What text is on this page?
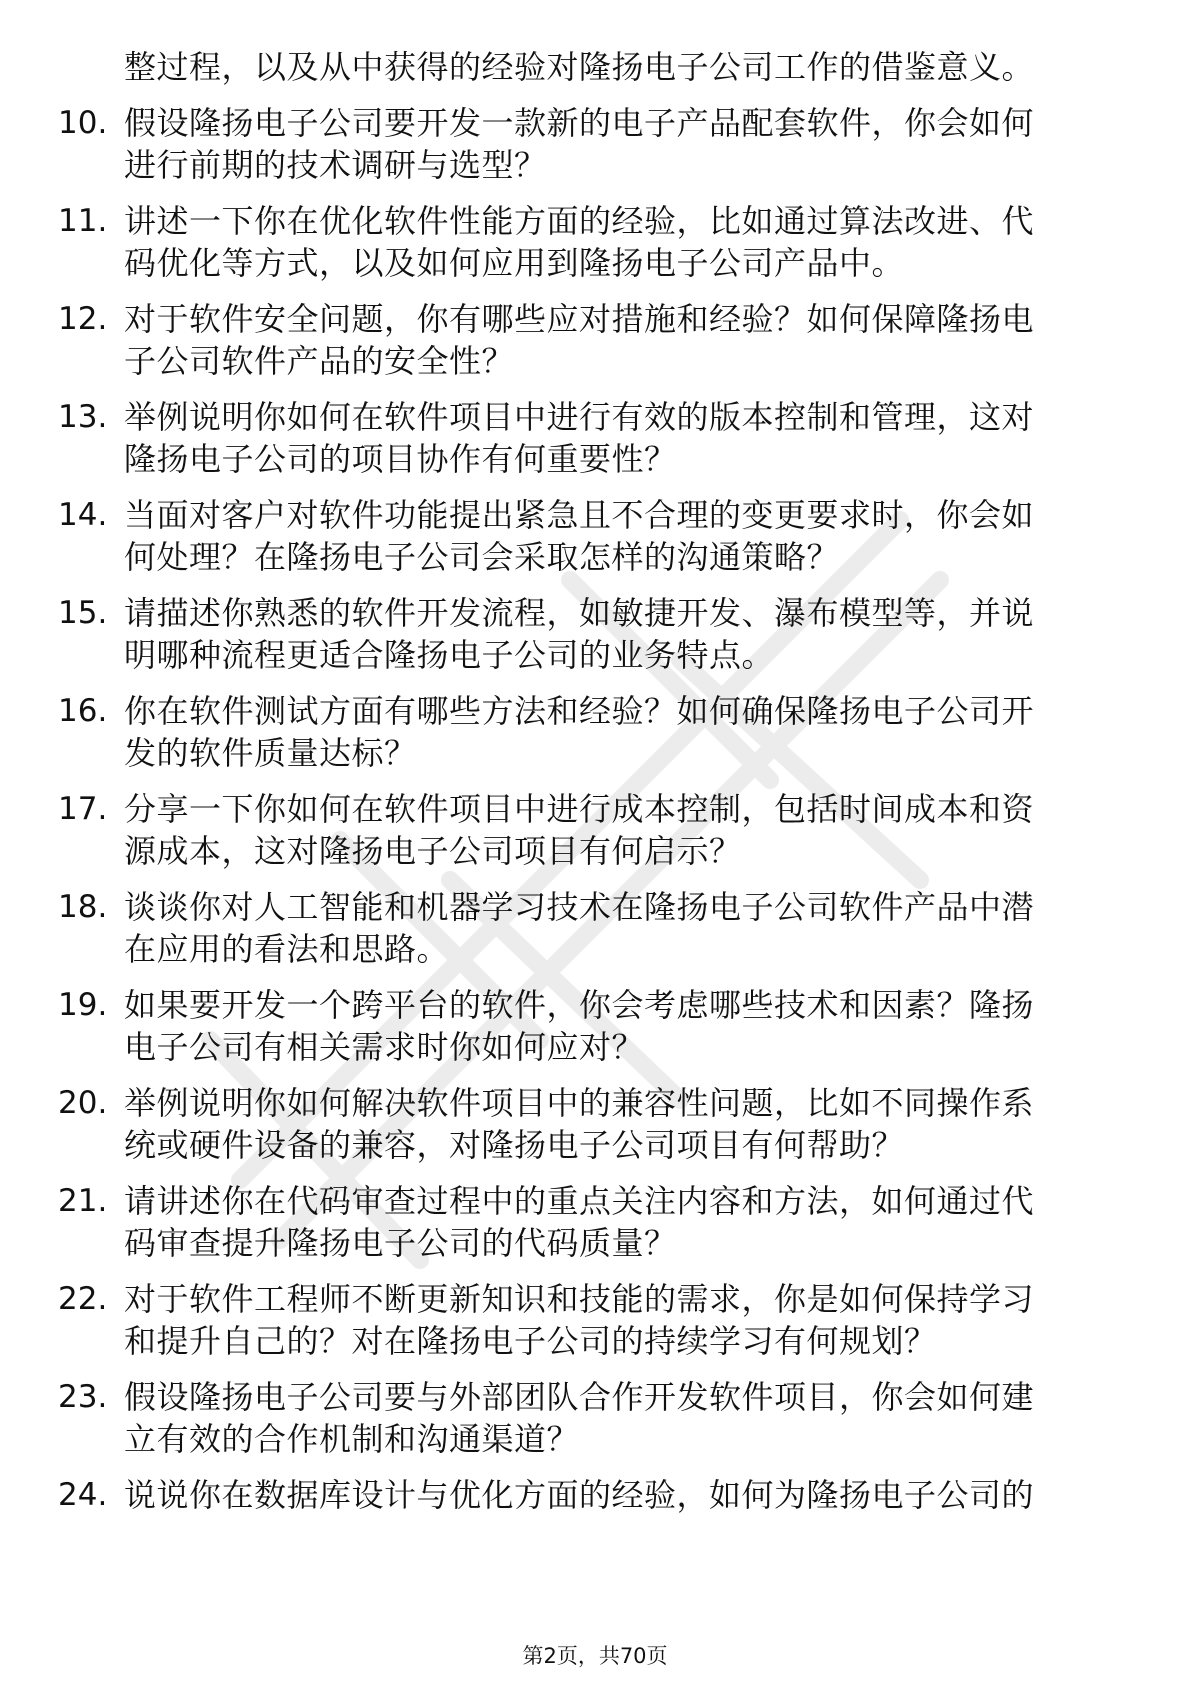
整过程，以及从中获得的经验对隆扬电子公司工作的借鉴意义。
10. 假设隆扬电子公司要开发一款新的电子产品配套软件，你会如何
进行前期的技术调研与选型？
11. 讲述一下你在优化软件性能方面的经验，比如通过算法改进、代
码优化等方式，以及如何应用到隆扬电子公司产品中。
12. 对于软件安全问题，你有哪些应对措施和经验？如何保障隆扬电
子公司软件产品的安全性？
13. 举例说明你如何在软件项目中进行有效的版本控制和管理，这对
隆扬电子公司的项目协作有何重要性？
14. 当面对客户对软件功能提出紧急且不合理的变更要求时，你会如
何处理？在隆扬电子公司会采取怎样的沟通策略？
15. 请描述你熟悉的软件开发流程，如敏捷开发、瀑布模型等，并说
明哪种流程更适合隆扬电子公司的业务特点。
16. 你在软件测试方面有哪些方法和经验？如何确保隆扬电子公司开
发的软件质量达标？
17. 分享一下你如何在软件项目中进行成本控制，包括时间成本和资
源成本，这对隆扬电子公司项目有何启示？
18. 谈谈你对人工智能和机器学习技术在隆扬电子公司软件产品中潜
在应用的看法和思路。
19. 如果要开发一个跨平台的软件，你会考虑哪些技术和因素？隆扬
电子公司有相关需求时你如何应对？
20. 举例说明你如何解决软件项目中的兼容性问题，比如不同操作系
统或硬件设备的兼容，对隆扬电子公司项目有何帮助？
21. 请讲述你在代码审查过程中的重点关注内容和方法，如何通过代
码审查提升隆扬电子公司的代码质量？
22. 对于软件工程师不断更新知识和技能的需求，你是如何保持学习
和提升自己的？对在隆扬电子公司的持续学习有何规划？
23. 假设隆扬电子公司要与外部团队合作开发软件项目，你会如何建
立有效的合作机制和沟通渠道？
24. 说说你在数据库设计与优化方面的经验，如何为隆扬电子公司的
第2页，共70页
